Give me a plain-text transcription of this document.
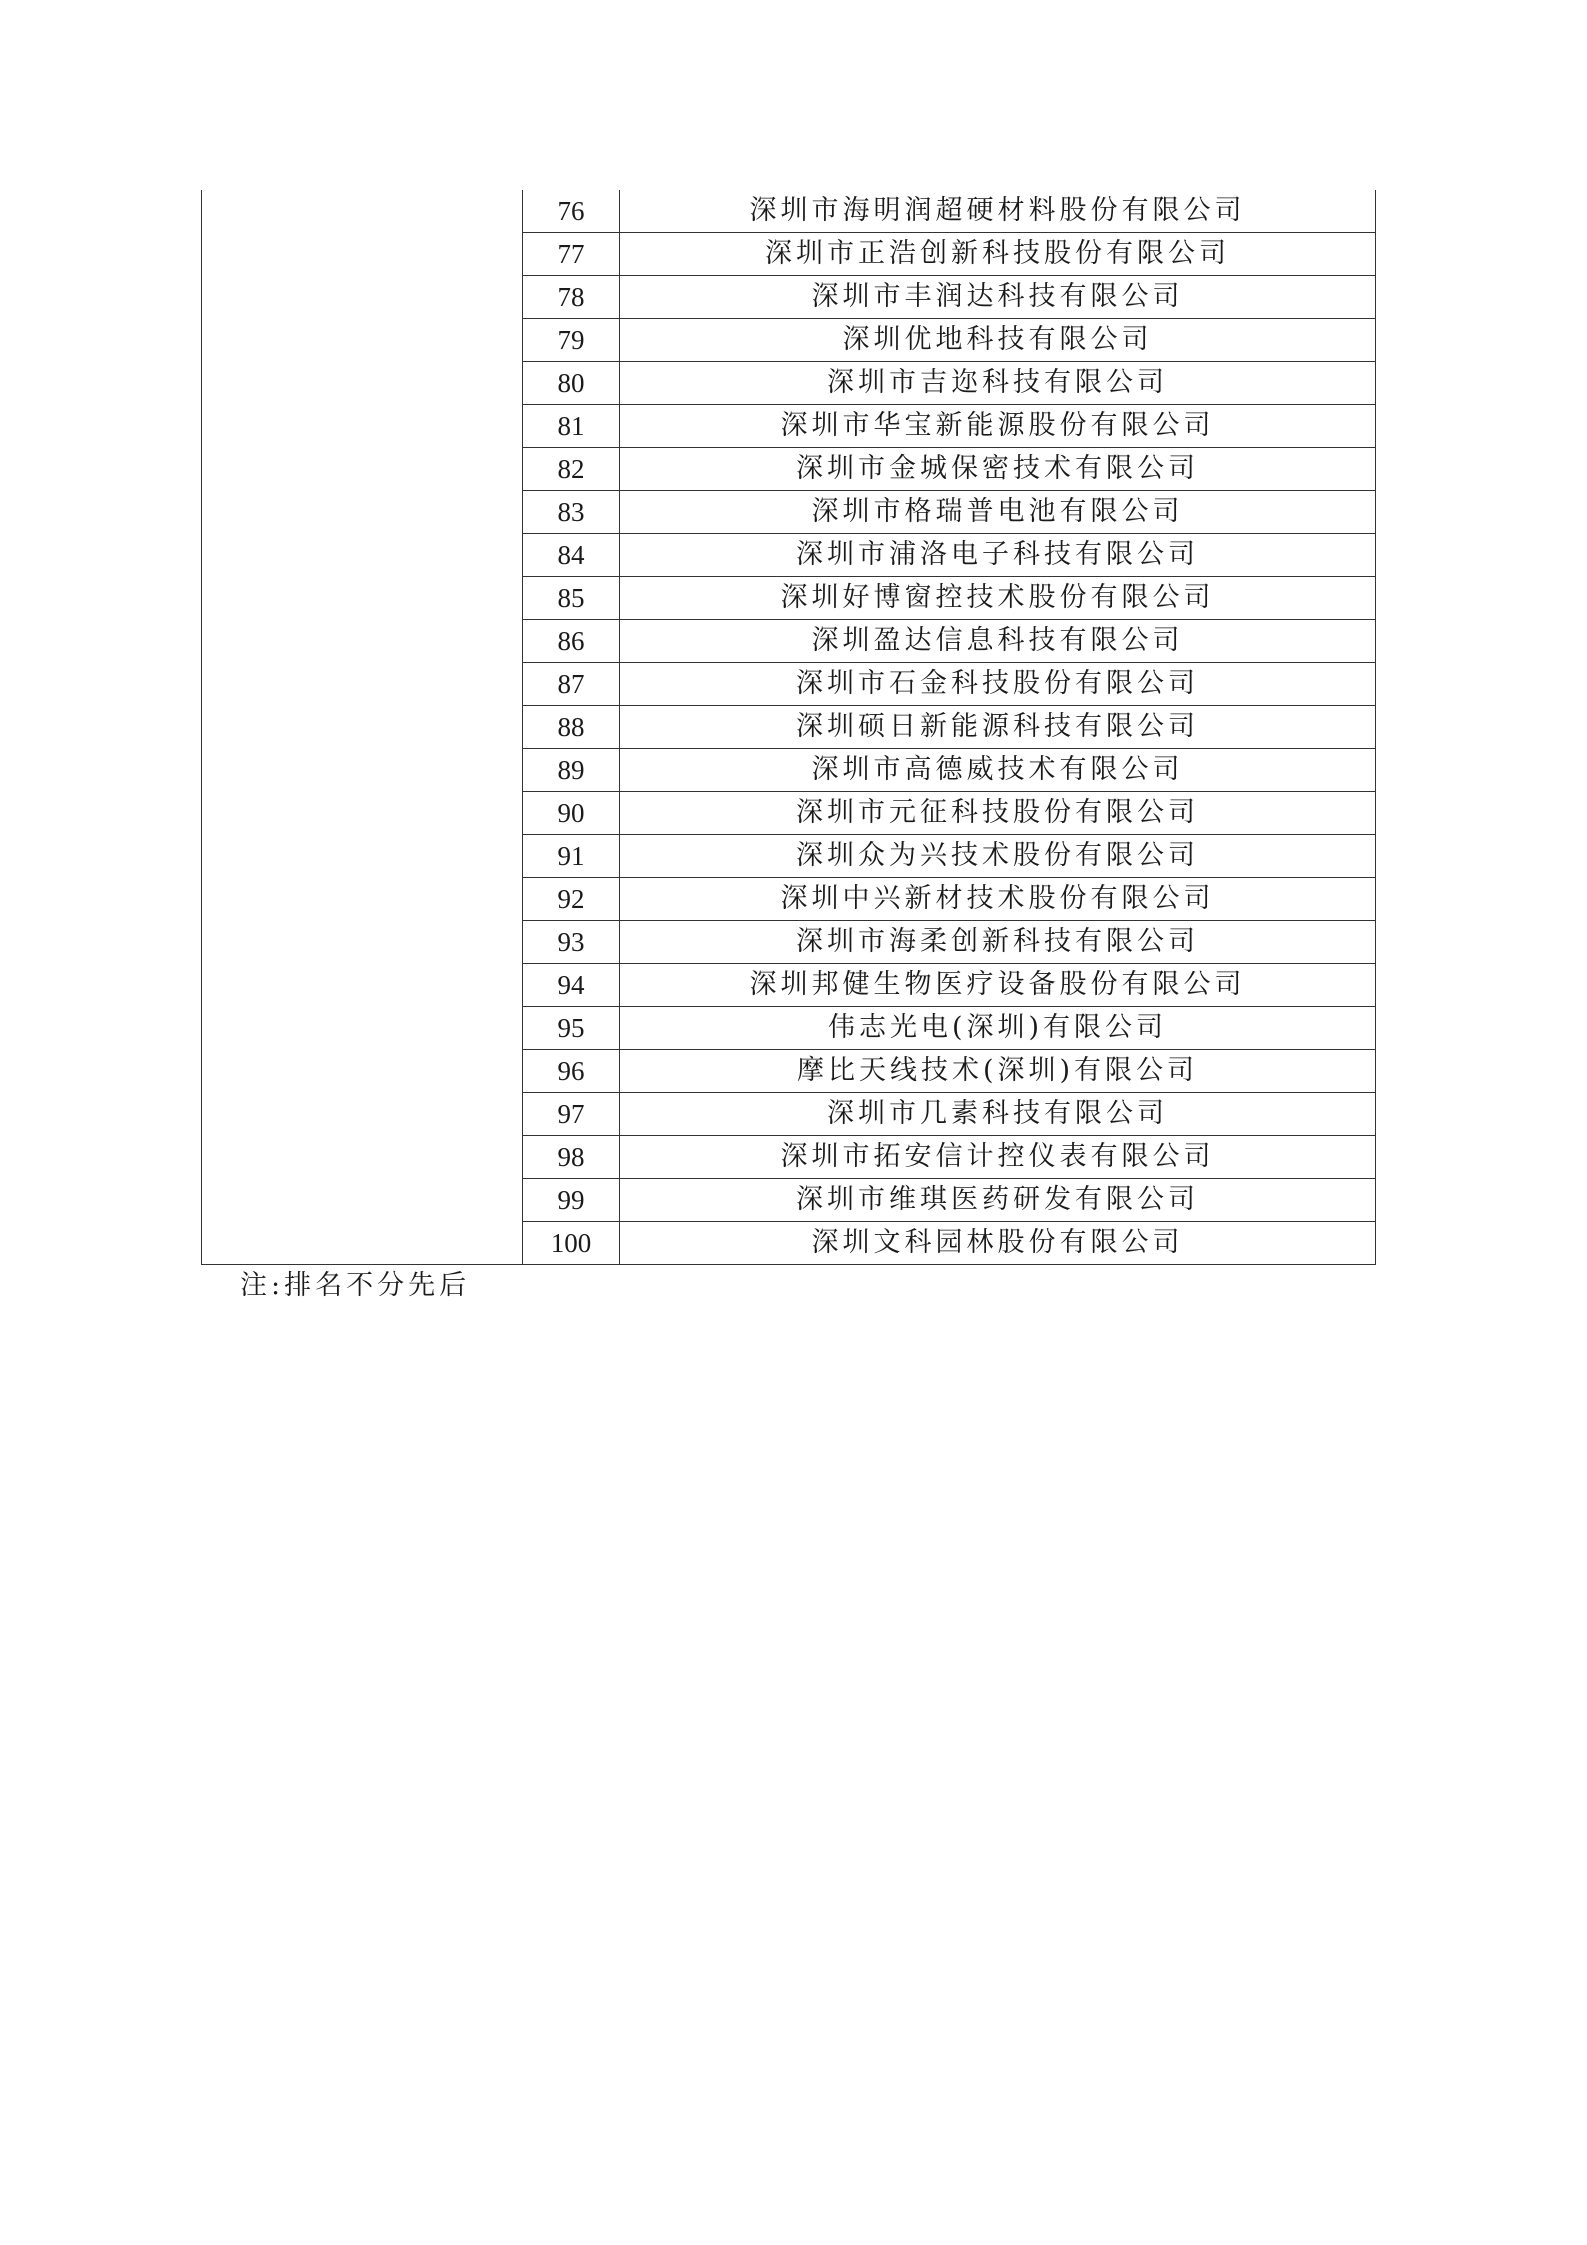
	76	深圳市海明润超硬材料股份有限公司
	77	深圳市正浩创新科技股份有限公司
	78	深圳市丰润达科技有限公司
	79	深圳优地科技有限公司
	80	深圳市吉迩科技有限公司
	81	深圳市华宝新能源股份有限公司
	82	深圳市金城保密技术有限公司
	83	深圳市格瑞普电池有限公司
	84	深圳市浦洛电子科技有限公司
	85	深圳好博窗控技术股份有限公司
	86	深圳盈达信息科技有限公司
	87	深圳市石金科技股份有限公司
	88	深圳硕日新能源科技有限公司
	89	深圳市高德威技术有限公司
	90	深圳市元征科技股份有限公司
	91	深圳众为兴技术股份有限公司
	92	深圳中兴新材技术股份有限公司
	93	深圳市海柔创新科技有限公司
	94	深圳邦健生物医疗设备股份有限公司
	95	伟志光电(深圳)有限公司
	96	摩比天线技术(深圳)有限公司
	97	深圳市几素科技有限公司
	98	深圳市拓安信计控仪表有限公司
	99	深圳市维琪医药研发有限公司
	100	深圳文科园林股份有限公司
注:排名不分先后
